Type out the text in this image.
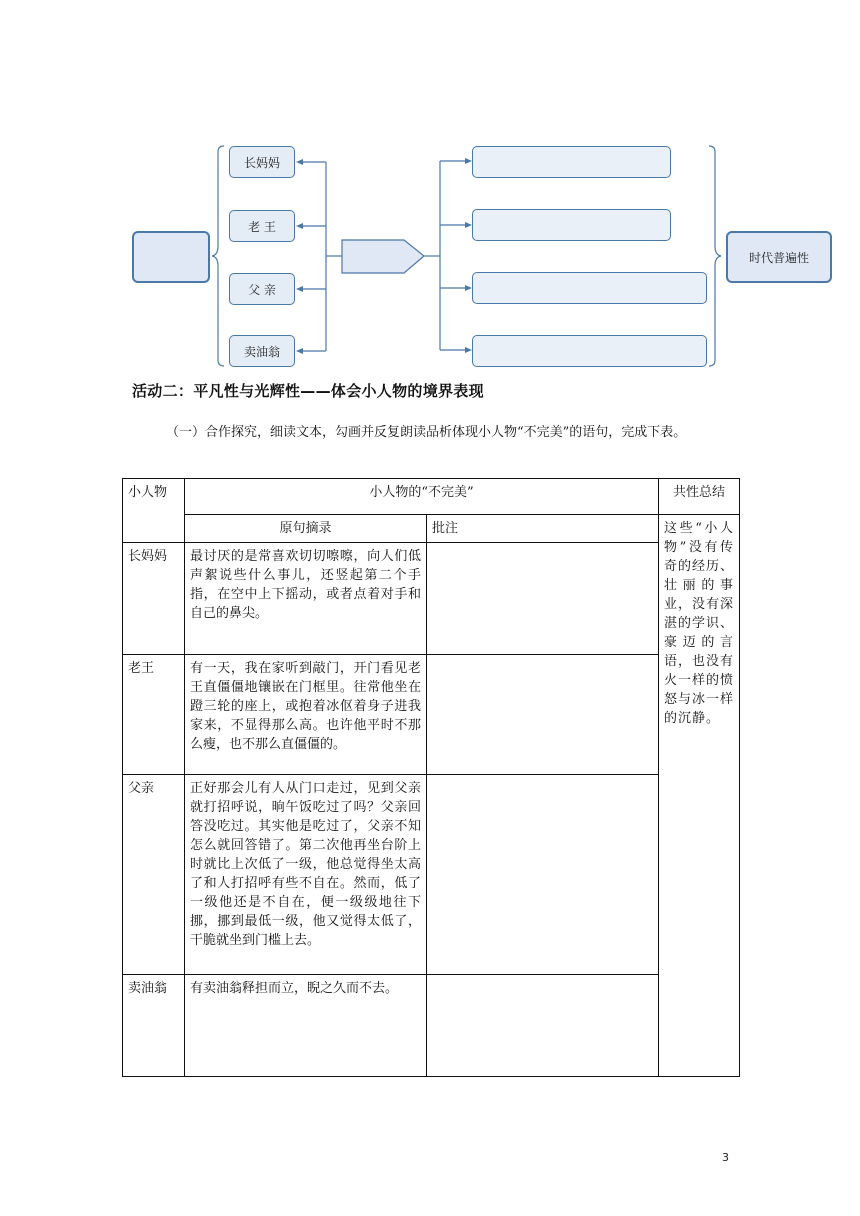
长妈妈
老 王
父 亲
卖油翁
时代普遍性
活动二：平凡性与光辉性——体会小人物的境界表现
（一）合作探究，细读文本，勾画并反复朗读品析体现小人物“不完美”的语句，完成下表。
小人物	小人物的“不完美”		共性总结
	原句摘录	批注	这些“小人物”没有传奇的经历、壮丽的事业，没有深湛的学识、豪迈的言语，也没有火一样的愤怒与冰一样的沉静。
长妈妈	最讨厌的是常喜欢切切嚓嚓，向人们低声絮说些什么事儿，还竖起第二个手指，在空中上下摇动，或者点着对手和自己的鼻尖。		
老王	有一天，我在家听到敲门，开门看见老王直僵僵地镶嵌在门框里。往常他坐在蹬三轮的座上，或抱着冰伛着身子进我家来，不显得那么高。也许他平时不那么瘦，也不那么直僵僵的。		
父亲	正好那会儿有人从门口走过，见到父亲就打招呼说，晌午饭吃过了吗？父亲回答没吃过。其实他是吃过了，父亲不知怎么就回答错了。第二次他再坐台阶上时就比上次低了一级，他总觉得坐太高了和人打招呼有些不自在。然而，低了一级他还是不自在，便一级级地往下挪，挪到最低一级，他又觉得太低了，干脆就坐到门槛上去。		
卖油翁	有卖油翁释担而立，睨之久而不去。		
3
